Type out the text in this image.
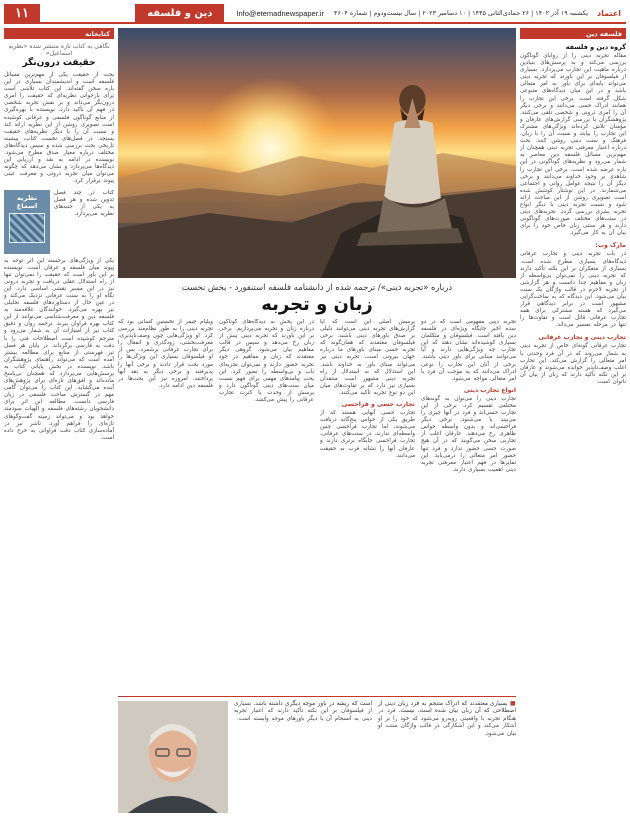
اعتماد
یکشنبه ۱۹ آذر ۱۴۰۲ | ۲۶ جمادی‌الثانی ۱۴۴۵ | ۱۰ دسامبر ۲۰۲۳ | سال بیست‌ودوم | شماره ۴۶۰۴
Info@etemadnewspaper.ir
دین و فلسفه
۱۱
فلسفه دین
گروه دین و فلسفه
مقاله تجربه دینی را از زوایای گوناگون بررسی می‌کند و به پرسش‌های بنیادین درباره ماهیت این تجارب می‌پردازد. بسیاری از فیلسوفان بر این باورند که تجربه دینی می‌تواند پایه‌ای برای باور به امر متعالی باشد و در این میان دیدگاه‌های متنوعی شکل گرفته است. برخی این تجارب را همانند ادراک حسی می‌دانند و برخی دیگر آن را امری درونی و شخصی تلقی می‌کنند. پژوهشگران با بررسی گزارش‌های عارفان و مؤمنان تلاش کرده‌اند ویژگی‌های مشترک این تجارب را بیابند و نسبت آن را با زبان، فرهنگ و سنت دینی روشن کنند. بحث درباره اعتبار معرفتی تجربه دینی همچنان از مهم‌ترین مسائل فلسفه دین معاصر به شمار می‌رود و نظریه‌های گوناگونی در این باره عرضه شده است. برخی این تجارب را شاهدی بر وجود خداوند می‌دانند و برخی دیگر آن را نتیجه عوامل روانی و اجتماعی می‌شمارند. در این نوشتار کوشش شده است تصویری روشن از این مباحث ارائه شود و نسبت تجربه دینی با دیگر انواع تجربه بشری بررسی گردد. تجربه‌های دینی در سنت‌های مختلف صورت‌های گوناگونی دارند و هر سنتی زبان خاص خود را برای بیان آن به کار می‌گیرد.
مارک وب:
در باب تجربه دینی و تجارب عرفانی دیدگاه‌های بسیاری مطرح شده است. بسیاری از متفکران بر این نکته تأکید دارند که تجربه دینی را نمی‌توان بی‌واسطه از زبان و مفاهیم جدا دانست و هر گزارشی از تجربه لاجرم در قالب واژگان یک سنت بیان می‌شود. این دیدگاه که به ساخت‌گرایی مشهور است در برابر دیدگاهی قرار می‌گیرد که هسته مشترکی برای همه تجارب عرفانی قائل است و تفاوت‌ها را تنها در مرحله تفسیر می‌داند.
تجارب دینی و تجارب عرفانی
تجارب عرفانی گونه‌ای خاص از تجربه دینی به شمار می‌روند که در آن فرد وحدتی با امر متعالی را گزارش می‌کند. این تجارب اغلب وصف‌ناپذیر خوانده می‌شوند و عارفان بر این نکته تأکید دارند که زبان از بیان آن ناتوان است.
کتابخانه
نگاهی به کتاب تازه منتشر شده «نظریه اسماعیل»
حقیقت درون‌نگر
بحث از حقیقت یکی از مهم‌ترین مسائل فلسفه است و اندیشمندان بسیاری در این باره سخن گفته‌اند. این کتاب تلاشی است برای بازخوانی نظریه‌ای که حقیقت را امری درون‌نگر می‌داند و بر نقش تجربه شخصی در فهم آن تأکید دارد. نویسنده با بهره‌گیری از منابع گوناگون فلسفی و عرفانی کوشیده است تصویری روشن از این نظریه ارائه کند و نسبت آن را با دیگر نظریه‌های حقیقت بسنجد. در فصل‌های نخست کتاب، پیشینه تاریخی بحث بررسی شده و سپس دیدگاه‌های مختلف درباره معیار صدق مطرح می‌شود. نویسنده در ادامه به نقد و ارزیابی این دیدگاه‌ها می‌پردازد و نشان می‌دهد که چگونه می‌توان میان تجربه درونی و معرفت عینی پیوند برقرار کرد.
کتاب در چند فصل تدوین شده و هر فصل به یکی از جنبه‌های نظریه می‌پردازد.
نظریه اسماع
یکی از ویژگی‌های برجسته این اثر توجه به پیوند میان فلسفه و عرفان است. نویسنده بر این باور است که حقیقت را نمی‌توان تنها از راه استدلال عقلی دریافت و تجربه درونی نیز در این مسیر نقشی اساسی دارد. این نگاه او را به سنت عرفانی نزدیک می‌کند و در عین حال از دستاوردهای فلسفه تحلیلی نیز بهره می‌گیرد. خوانندگان علاقه‌مند به فلسفه دین و معرفت‌شناسی می‌توانند از این کتاب بهره فراوان ببرند. ترجمه روان و دقیق کتاب نیز از امتیازات آن به شمار می‌رود و مترجم کوشیده است اصطلاحات فنی را با دقت به فارسی برگرداند. در پایان هر فصل نیز فهرستی از منابع برای مطالعه بیشتر آمده است که می‌تواند راهنمای پژوهشگران باشد. نویسنده در بخش پایانی کتاب به پرسش‌هایی می‌پردازد که همچنان بی‌پاسخ مانده‌اند و افق‌های تازه‌ای برای پژوهش‌های آینده می‌گشاید. این کتاب را می‌توان گامی مهم در گسترش مباحث فلسفی در زبان فارسی دانست. مطالعه این اثر برای دانشجویان رشته‌های فلسفه و الهیات سودمند خواهد بود و می‌تواند زمینه گفت‌وگوهای تازه‌ای را فراهم آورد. ناشر نیز در آماده‌سازی کتاب دقت فراوانی به خرج داده است.
درباره «تجربه دینی»/ ترجمه شده از دانشنامه فلسفه استنفورد - بخش نخست
زبان و تجربه
تجربه دینی مفهومی است که در دو سده اخیر جایگاه ویژه‌ای در فلسفه دین یافته است. فیلسوفان و متکلمان بسیاری کوشیده‌اند نشان دهند که این تجارب چه ویژگی‌هایی دارند و آیا می‌توانند مبنایی برای باور دینی باشند. برخی از آنان این تجارب را نوعی ادراک می‌دانند که به موجب آن فرد با امر متعالی مواجه می‌شود.
انواع تجارب دینی
تجارب دینی را می‌توان به گونه‌های مختلفی تقسیم کرد. برخی از این تجارب حسی‌اند و فرد در آنها چیزی را می‌بیند یا می‌شنود. برخی دیگر فراحسی‌اند و بدون واسطه حواس ظاهری رخ می‌دهند. عارفان اغلب از تجاربی سخن می‌گویند که در آن هیچ صورت حسی حضور ندارد و فرد تنها حضور امر متعالی را درمی‌یابد. این تمایزها در فهم اعتبار معرفتی تجربه دینی اهمیت بسیاری دارند.
پرسش اصلی این است که آیا گزارش‌های تجربه دینی می‌توانند دلیلی بر صدق باورهای دینی باشند. برخی فیلسوفان معتقدند که همان‌گونه که تجربه حسی مبنای باورهای ما درباره جهان بیرونی است، تجربه دینی نیز می‌تواند مبنای باور به خداوند باشد. این استدلال که به استدلال از راه تجربه دینی مشهور است منتقدان بسیاری نیز دارد که بر تفاوت‌های میان این دو نوع تجربه تأکید می‌کنند.
تجارب حسی و فراحسی
تجارب حسی آنهایی هستند که از طریق یکی از حواس پنج‌گانه دریافت می‌شوند، اما تجارب فراحسی چنین واسطه‌ای ندارند. در سنت‌های عرفانی، تجارب فراحسی جایگاه برتری دارند و عارفان آنها را نشانه قرب به حقیقت می‌دانند.
در این بخش به دیدگاه‌های گوناگون درباره زبان و تجربه می‌پردازیم. برخی بر این باورند که تجربه دینی پیش از زبان رخ می‌دهد و سپس در قالب مفاهیم بیان می‌شود. گروهی دیگر معتقدند که زبان و مفاهیم در خود تجربه حضور دارند و نمی‌توان تجربه‌ای ناب و بی‌واسطه را تصور کرد. این بحث پیامدهای مهمی برای فهم نسبت میان سنت‌های دینی گوناگون دارد و پرسش از وحدت یا کثرت تجارب عرفانی را پیش می‌کشد.
ویلیام جیمز از نخستین کسانی بود که تجربه دینی را به طور نظام‌مند بررسی کرد. او ویژگی‌هایی چون وصف‌ناپذیری، معرفت‌بخشی، زودگذری و انفعال را برای تجارب عرفانی برشمرد. پس از او فیلسوفان بسیاری این ویژگی‌ها را مورد بحث قرار دادند و برخی آنها را پذیرفتند و برخی دیگر به نقد آنها پرداختند. امروزه نیز این بحث‌ها در فلسفه دین ادامه دارد.
■ بسیاری معتقدند که ادراک متنجم به فرد زبان دینی از اصطلاحی که آن زبان بیان شده است، نیست. فرد در هنگام تجربه با واقعیتی روبه‌رو می‌شود که خود را بر او آشکار می‌کند و این آشکارگی در قالب واژگان سنت او بیان می‌شود.
است که ریشه در باور موجه دیگری داشته باشد. بسیاری از فیلسوفان بر این نکته تأکید دارند که اعتبار تجربه دینی به انسجام آن با دیگر باورهای موجه وابسته است.
